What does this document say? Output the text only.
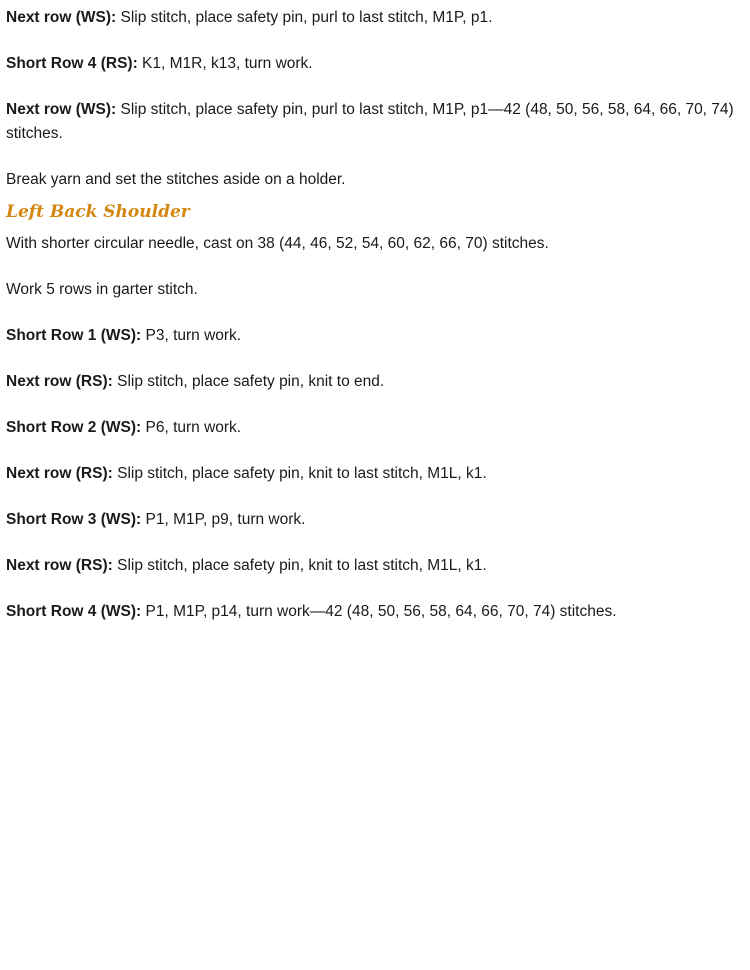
Next row (WS): Slip stitch, place safety pin, purl to last stitch, M1P, p1.

Short Row 4 (RS): K1, M1R, k13, turn work.

Next row (WS): Slip stitch, place safety pin, purl to last stitch, M1P, p1—42 (48, 50, 56, 58, 64, 66, 70, 74) stitches.

Break yarn and set the stitches aside on a holder.

Left Back Shoulder

With shorter circular needle, cast on 38 (44, 46, 52, 54, 60, 62, 66, 70) stitches.

Work 5 rows in garter stitch.

Short Row 1 (WS): P3, turn work.

Next row (RS): Slip stitch, place safety pin, knit to end.

Short Row 2 (WS): P6, turn work.

Next row (RS): Slip stitch, place safety pin, knit to last stitch, M1L, k1.

Short Row 3 (WS): P1, M1P, p9, turn work.

Next row (RS): Slip stitch, place safety pin, knit to last stitch, M1L, k1.

Short Row 4 (WS): P1, M1P, p14, turn work—42 (48, 50, 56, 58, 64, 66, 70, 74) stitches.
